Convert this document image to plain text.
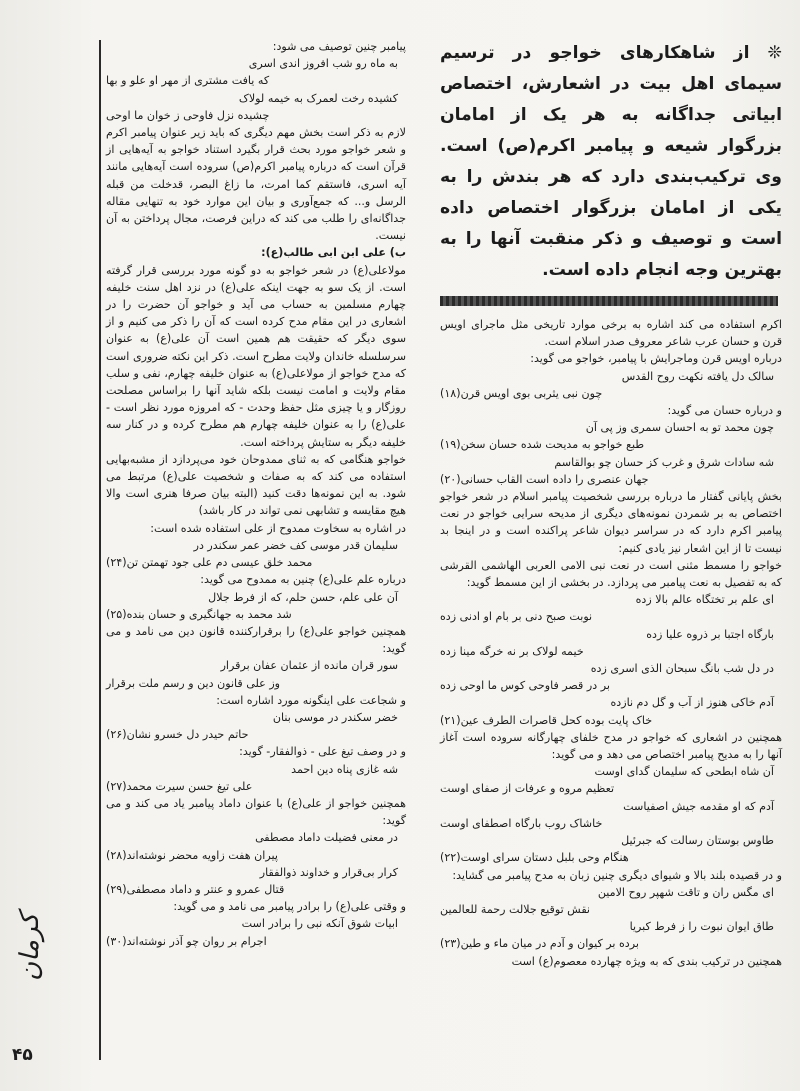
❊ از شاهکارهای خواجو در ترسیم سیمای اهل بیت در اشعارش، اختصاص ابیاتی جداگانه به هر یک از امامان بزرگوار شیعه و پیامبر اکرم(ص) است. وی ترکیب‌بندی دارد که هر بندش را به یکی از امامان بزرگوار اختصاص داده است و توصیف و ذکر منقبت آنها را به بهترین وجه انجام داده است.

اکرم استفاده می کند اشاره به برخی موارد تاریخی مثل ماجرای اویس قرن و حسان عرب شاعر معروف صدر اسلام است.

درباره اویس قرن وماجرایش با پیامبر، خواجو می گوید:

سالک دل یافته نکهت روح القدس
چون نبی یثربی بوی اویس قرن(۱۸)

و درباره حسان می گوید:

چون محمد تو به احسان سمری وز پی آن
طبع خواجو به مدیحت شده حسان سخن(۱۹)
شه سادات شرق و غرب کز حسان چو بوالقاسم
جهان عنصری را داده است القاب حسانی(۲۰)

بخش پایانی گفتار ما درباره بررسی شخصیت پیامبر اسلام در شعر خواجو اختصاص به بر شمردن نمونه‌های دیگری از مدیحه سرایی خواجو در نعت پیامبر اکرم دارد که در سراسر دیوان شاعر پراکنده است و در اینجا بد نیست تا از این اشعار نیز یادی کنیم:

خواجو را مسمط مثنی است در نعت نبی الامی العربی الهاشمی القرشی که به تفصیل به نعت پیامبر می پردازد. در بخشی از این مسمط گوید:

ای علم بر تختگاه عالم بالا زده
نوبت صبح دنی بر بام او ادنی زده
بارگاه اجتبا بر ذروه علیا زده
خیمه لولاک بر نه خرگه مینا زده
در دل شب بانگ سبحان الذی اسری زده
بر در قصر فاوحی کوس ما اوحی زده
آدم خاکی هنوز از آب و گل دم نازده
خاک پایت بوده کحل قاصرات الطرف عین(۲۱)

همچنین در اشعاری که خواجو در مدح خلفای چهارگانه سروده است آغاز آنها را به مدیح پیامبر اختصاص می دهد و می گوید:

آن شاه ابطحی که سلیمان گدای اوست
تعظیم مروه و عرفات از صفای اوست
آدم که او مقدمه جیش اصفیاست
خاشاک روب بارگاه اصطفای اوست
طاوس بوستان رسالت که جبرئیل
هنگام وحی بلبل دستان سرای اوست(۲۲)

و در قصیده بلند بالا و شیوای دیگری چنین زبان به مدح پیامبر می گشاید:

ای مگس ران و تاقت شهپر روح الامین
نقش توقیع جلالت رحمة للعالمین
طاق ایوان نبوت را ز فرط کبریا
برده بر کیوان و آدم در میان ماء و طین(۲۳)

همچنین در ترکیب بندی که به ویژه چهارده معصوم(ع) است

پیامبر چنین توصیف می شود:

به ماه رو شب افروز اندی اسری
که یافت مشتری از مهر او علو و بها
کشیده رخت لعمرک به خیمه لولاک
چشیده نزل فاوحی ز خوان ما اوحی

لازم به ذکر است بخش مهم دیگری که باید زیر عنوان پیامبر اکرم و شعر خواجو مورد بحث قرار بگیرد استناد خواجو به آیه‌هایی از قرآن است که درباره پیامبر اکرم(ص) سروده است آیه‌هایی مانند آیه اسری، فاستقم کما امرت، ما زاغ البصر، قدخلت من قبله الرسل و... که جمع‌آوری و بیان این موارد خود به تنهایی مقاله جداگانه‌ای را طلب می کند که دراین فرصت، مجال پرداختن به آن نیست.

ب) علی ابن ابی طالب(ع):

مولاعلی(ع) در شعر خواجو به دو گونه مورد بررسی قرار گرفته است. از یک سو به جهت اینکه علی(ع) در نزد اهل سنت خلیفه چهارم مسلمین به حساب می آید و خواجو آن حضرت را در اشعاری در این مقام مدح کرده است که آن را ذکر می کنیم و از سوی دیگر که حقیقت هم همین است آن علی(ع) به عنوان سرسلسله خاندان ولایت مطرح است. ذکر این نکته ضروری است که مدح خواجو از مولاعلی(ع) به عنوان خلیفه چهارم، نفی و سلب مقام ولایت و امامت نیست بلکه شاید آنها را براساس مصلحت روزگار و یا چیزی مثل حفظ وحدت - که امروزه مورد نظر است - علی(ع) را به عنوان خلیفه چهارم هم مطرح کرده و در کنار سه خلیفه دیگر به ستایش پرداخته است.

خواجو هنگامی که به ثنای ممدوحان خود می‌پردازد از مشبه‌بهایی استفاده می کند که به صفات و شخصیت علی(ع) مرتبط می شود. به این نمونه‌ها دقت کنید (البته بیان صرفا هنری است والا هیچ مقایسه و تشابهی نمی تواند در کار باشد)

در اشاره به سخاوت ممدوح از علی استفاده شده است:

سلیمان قدر موسی کف خضر عمر سکندر در
محمد خلق عیسی دم علی جود تهمتن تن(۲۴)

درباره علم علی(ع) چنین به ممدوح می گوید:

آن علی علم، حسن حلم، که از فرط جلال
شد محمد به جهانگیری و حسان بنده(۲۵)

همچنین خواجو علی(ع) را برقرارکننده قانون دین می نامد و می گوید:

سور قران مانده از عثمان عفان برقرار
وز علی قانون دین و رسم ملت برقرار

و شجاعت علی اینگونه مورد اشاره است:

خضر سکندر در موسی بنان
حاتم حیدر دل خسرو نشان(۲۶)

و در وصف تیغ علی - ذوالفقار- گوید:

شه غازی پناه دین احمد
علی تیغ حسن سیرت محمد(۲۷)

همچنین خواجو از علی(ع) با عنوان داماد پیامبر یاد می کند و می گوید:

در معنی فضیلت داماد مصطفی
پیران هفت زاویه محضر نوشته‌اند(۲۸)
کرار بی‌قرار و خداوند ذوالفقار
قتال عمرو و عنتر و داماد مصطفی(۲۹)

و وقتی علی(ع) را برادر پیامبر می نامد و می گوید:

ابیات شوق آنکه نبی را برادر است
اجرام بر روان چو آذر نوشته‌اند(۳۰)
کرمان
۴۵
